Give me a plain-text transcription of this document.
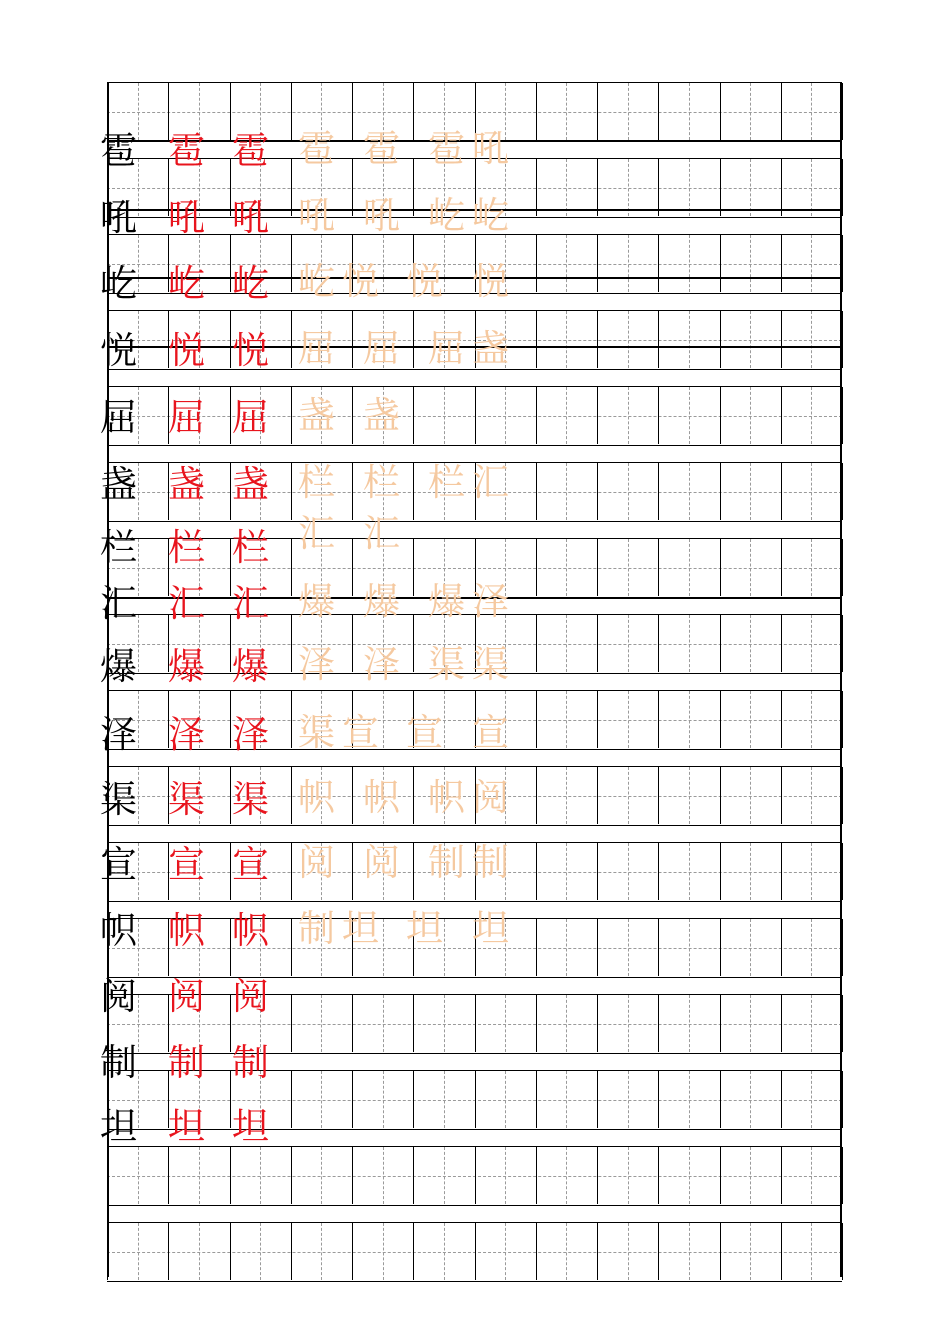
雹 雹 雹
吼 吼 吼
屹 屹 屹
悦 悦 悦
屈 屈 屈
盏 盏 盏
栏 栏 栏
汇 汇 汇
爆 爆 爆
泽 泽 泽
渠 渠 渠
宣 宣 宣
帜 帜 帜
阅 阅 阅
制 制 制
坦 坦 坦
雹 雹 雹 吼
吼 吼 屹 屹
屹 悦 悦 悦
屈 屈 屈 盏
盏 盏
栏 栏 栏 汇
汇 汇
爆 爆 爆 泽
泽 泽 渠 渠
渠 宣 宣 宣
帜 帜 帜 阅
阅 阅 制 制
制 坦 坦 坦
